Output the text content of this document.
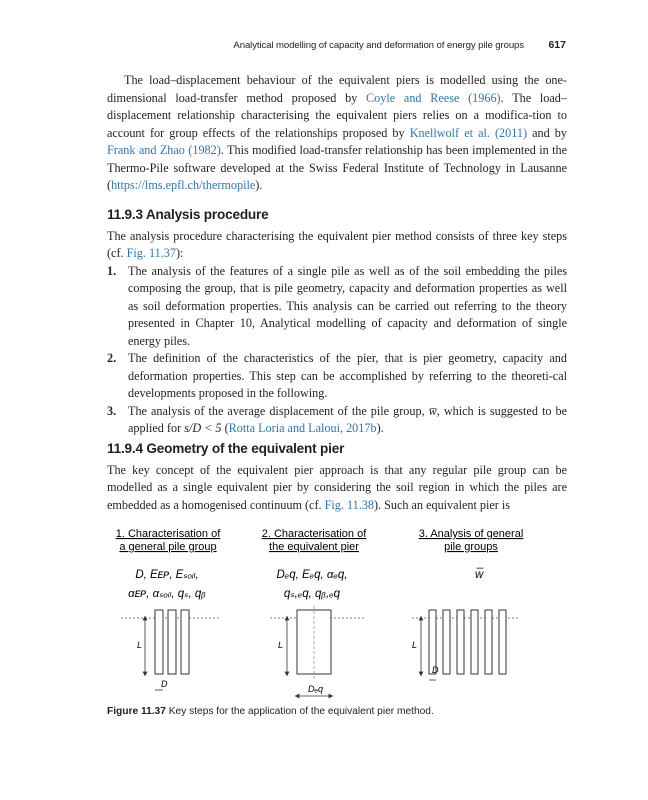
Analytical modelling of capacity and deformation of energy pile groups 617

The load–displacement behaviour of the equivalent piers is modelled using the one-dimensional load-transfer method proposed by Coyle and Reese (1966). The load–displacement relationship characterising the equivalent piers relies on a modifica-tion to account for group effects of the relationships proposed by Knellwolf et al. (2011) and by Frank and Zhao (1982). This modified load-transfer relationship has been implemented in the Thermo-Pile software developed at the Swiss Federal Institute of Technology in Lausanne (https://lms.epfl.ch/thermopile).

11.9.3 Analysis procedure

The analysis procedure characterising the equivalent pier method consists of three key steps (cf. Fig. 11.37):

1. The analysis of the features of a single pile as well as of the soil embedding the piles composing the group, that is pile geometry, capacity and deformation properties as well as soil deformation properties. This analysis can be carried out referring to the theory presented in Chapter 10, Analytical modelling of capacity and deformation of single energy piles.
2. The definition of the characteristics of the pier, that is pier geometry, capacity and deformation properties. This step can be accomplished by referring to the theoreti-cal developments proposed in the following.
3. The analysis of the average displacement of the pile group, w̅, which is suggested to be applied for s/D < 5 (Rotta Loria and Laloui, 2017b).
11.9.4 Geometry of the equivalent pier

The key concept of the equivalent pier approach is that any regular pile group can be modelled as a single equivalent pier by considering the soil region in which the piles are embedded as a homogenised continuum (cf. Fig. 11.38). Such an equivalent pier is

1. Characterisation of
a general pile group
D, Eᴇᴘ, Eₛₒᵢₗ,
αᴇᴘ, αₛₒᵢₗ, qₛ, qᵦ
L
D
2. Characterisation of
the equivalent pier
Dₑq, Eₑq, αₑq,
qₛ,ₑq, qᵦ,ₑq
L
Dₑq
3. Analysis of general
pile groups
w̅
L
D
Figure 11.37 Key steps for the application of the equivalent pier method.
